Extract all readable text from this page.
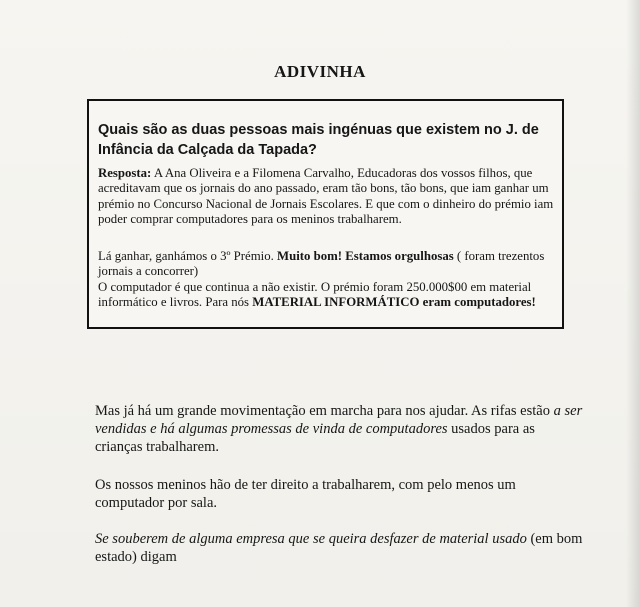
ADIVINHA
Quais são as duas pessoas mais ingénuas que existem no J. de Infância da Calçada da Tapada?
Resposta: A Ana Oliveira e a Filomena Carvalho, Educadoras dos vossos filhos, que acreditavam que os jornais do ano passado, eram tão bons, tão bons, que iam ganhar um prémio no Concurso Nacional de Jornais Escolares. E que com o dinheiro do prémio iam poder comprar computadores para os meninos trabalharem.
Lá ganhar, ganhámos o 3º Prémio. Muito bom! Estamos orgulhosas ( foram trezentos jornais a concorrer)
O computador é que continua a não existir. O prémio foram 250.000$00 em material informático e livros. Para nós MATERIAL INFORMÁTICO eram computadores!
Mas já há um grande movimentação em marcha para nos ajudar. As rifas estão a ser vendidas e há algumas promessas de vinda de computadores usados para as crianças trabalharem.
Os nossos meninos hão de ter direito a trabalharem, com pelo menos um computador por sala.
Se souberem de alguma empresa que se queira desfazer de material usado (em bom estado) digam
